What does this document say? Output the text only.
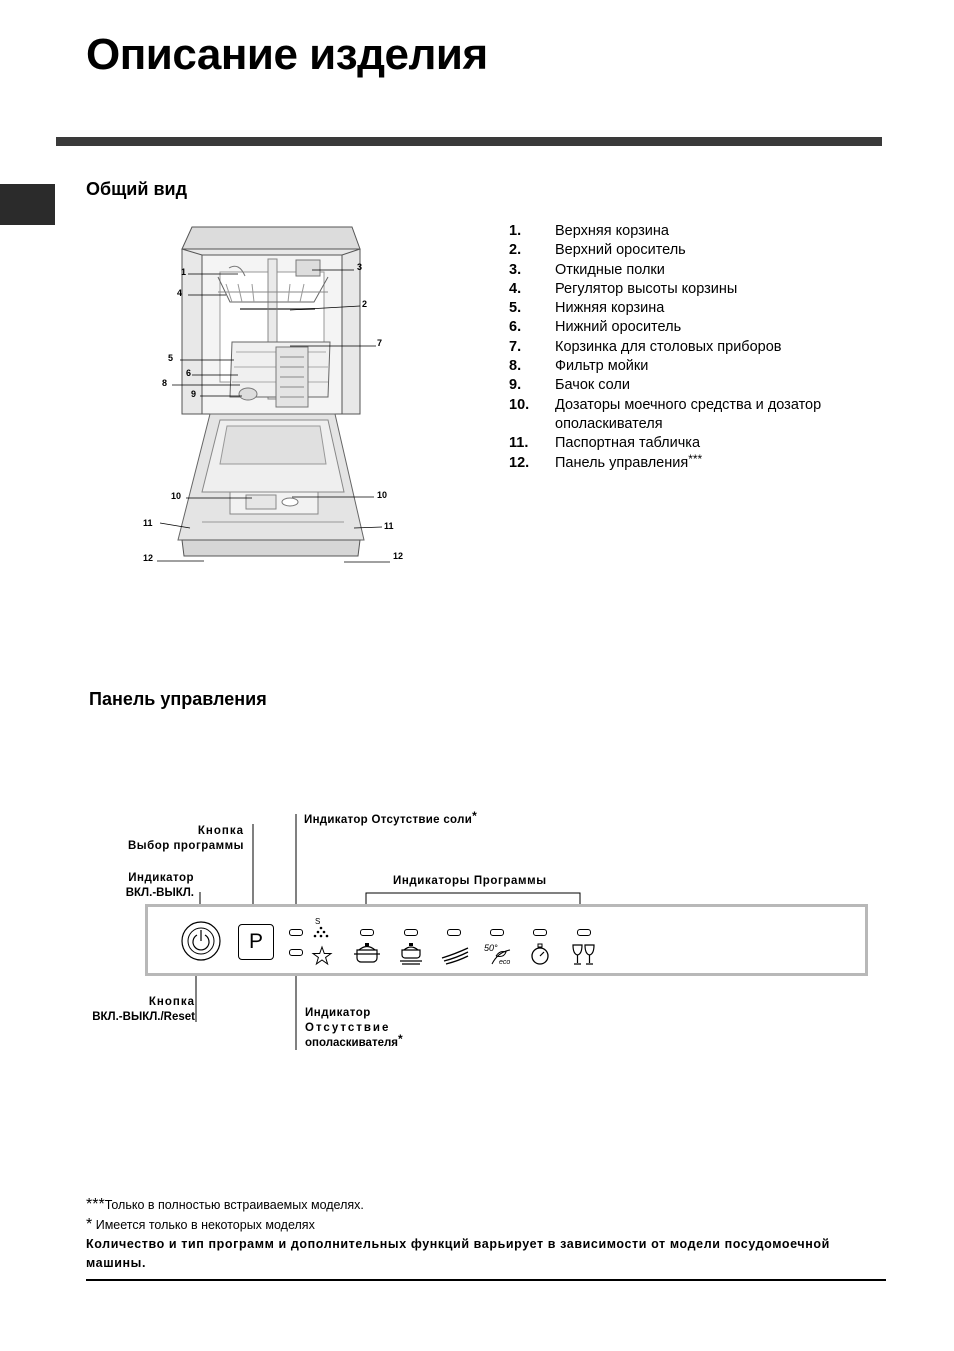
Описание изделия
Общий вид
1
4
3
2
7
5
6
8
9
10	10
11	11
12	12
1.	Верхняя корзина
2.	Верхний ороситель
3.	Откидные полки
4.	Регулятор высоты корзины
5.	Нижняя корзина
6.	Нижний ороситель
7.	Корзинка для столовых приборов
8.	Фильтр мойки
9.	Бачок соли
10.	Дозаторы моечного средства и дозатор ополаскивателя
11.	Паспортная табличка
12.	Панель управления***
Панель управления
Кнопка
Выбор программы
Индикатор
ВКЛ.-ВЫКЛ.
Индикатор Отсутствие соли*
Индикаторы Программы
Кнопка
ВКЛ.-ВЫКЛ./Reset	Индикатор
Отсутствие
ополаскивателя*
P
S
50°
eco
***Только в полностью встраиваемых моделях.
* Имеется только в некоторых моделях
Количество и тип программ и дополнительных функций варьирует в зависимости от модели посудомоечной машины.
